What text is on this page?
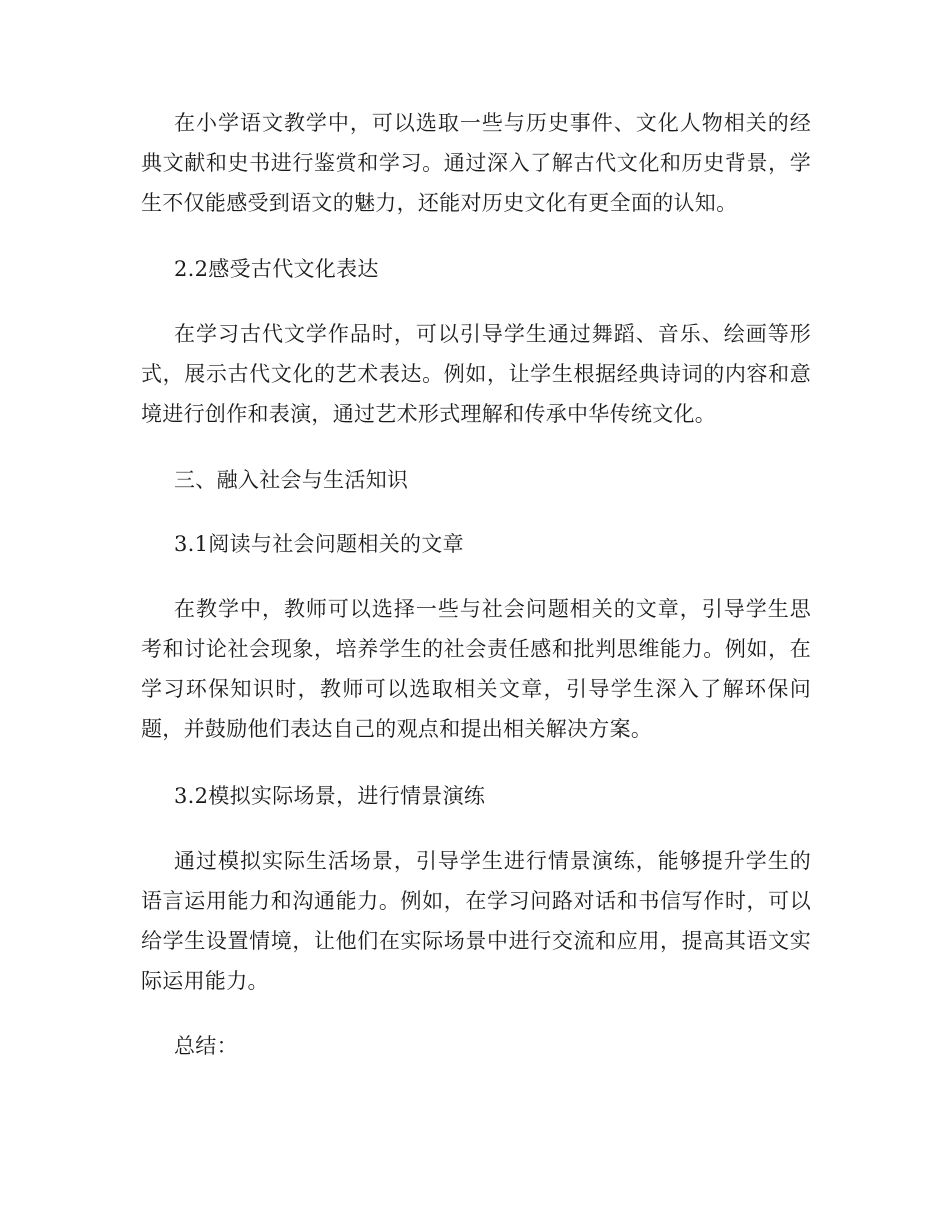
在小学语文教学中，可以选取一些与历史事件、文化人物相关的经典文献和史书进行鉴赏和学习。通过深入了解古代文化和历史背景，学生不仅能感受到语文的魅力，还能对历史文化有更全面的认知。

2.2感受古代文化表达

在学习古代文学作品时，可以引导学生通过舞蹈、音乐、绘画等形式，展示古代文化的艺术表达。例如，让学生根据经典诗词的内容和意境进行创作和表演，通过艺术形式理解和传承中华传统文化。

三、融入社会与生活知识

3.1阅读与社会问题相关的文章

在教学中，教师可以选择一些与社会问题相关的文章，引导学生思考和讨论社会现象，培养学生的社会责任感和批判思维能力。例如，在学习环保知识时，教师可以选取相关文章，引导学生深入了解环保问题，并鼓励他们表达自己的观点和提出相关解决方案。

3.2模拟实际场景，进行情景演练

通过模拟实际生活场景，引导学生进行情景演练，能够提升学生的语言运用能力和沟通能力。例如，在学习问路对话和书信写作时，可以给学生设置情境，让他们在实际场景中进行交流和应用，提高其语文实际运用能力。

总结：
